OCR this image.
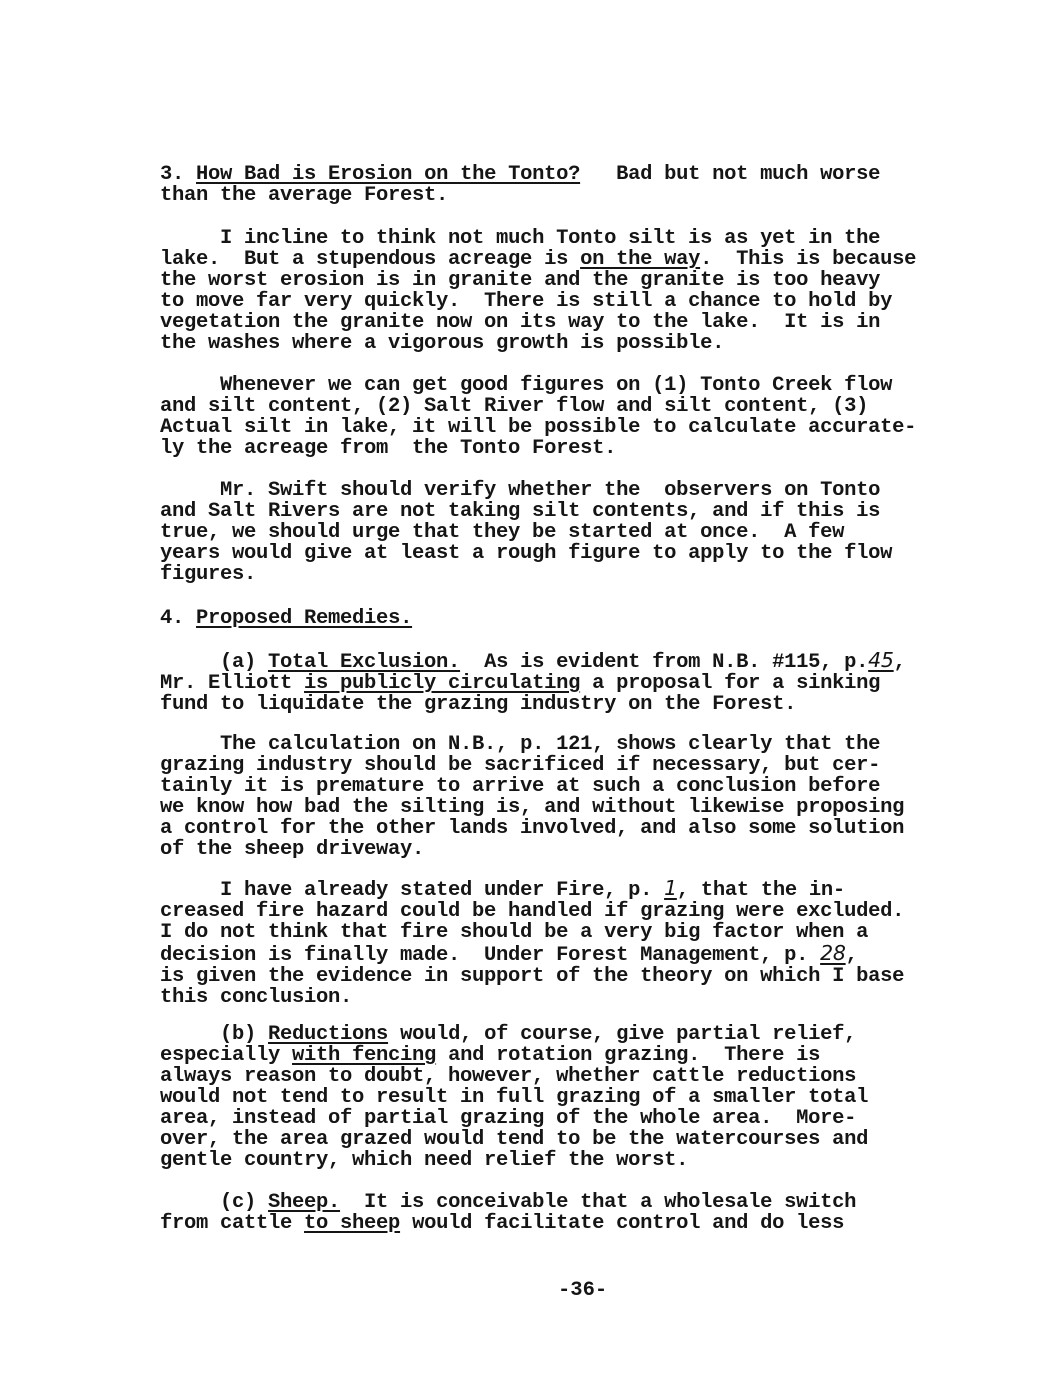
3. How Bad is Erosion on the Tonto? Bad but not much worse
than the average Forest.
I incline to think not much Tonto silt is as yet in the
lake.  But a stupendous acreage is on the way.  This is because
the worst erosion is in granite and the granite is too heavy
to move far very quickly.  There is still a chance to hold by
vegetation the granite now on its way to the lake.  It is in
the washes where a vigorous growth is possible.
Whenever we can get good figures on (1) Tonto Creek flow
and silt content, (2) Salt River flow and silt content, (3)
Actual silt in lake, it will be possible to calculate accurate-
ly the acreage from  the Tonto Forest.
Mr. Swift should verify whether the  observers on Tonto
and Salt Rivers are not taking silt contents, and if this is
true, we should urge that they be started at once.  A few
years would give at least a rough figure to apply to the flow
figures.
4. Proposed Remedies.
(a) Total Exclusion.  As is evident from N.B. #115, p.45,
Mr. Elliott is publicly circulating a proposal for a sinking
fund to liquidate the grazing industry on the Forest.
The calculation on N.B., p. 121, shows clearly that the
grazing industry should be sacrificed if necessary, but cer-
tainly it is premature to arrive at such a conclusion before
we know how bad the silting is, and without likewise proposing
a control for the other lands involved, and also some solution
of the sheep driveway.
I have already stated under Fire, p. 1, that the in-
creased fire hazard could be handled if grazing were excluded.
I do not think that fire should be a very big factor when a
decision is finally made.  Under Forest Management, p. 28,
is given the evidence in support of the theory on which I base
this conclusion.
(b) Reductions would, of course, give partial relief,
especially with fencing and rotation grazing.  There is
always reason to doubt, however, whether cattle reductions
would not tend to result in full grazing of a smaller total
area, instead of partial grazing of the whole area.  More-
over, the area grazed would tend to be the watercourses and
gentle country, which need relief the worst.
(c) Sheep.  It is conceivable that a wholesale switch
from cattle to sheep would facilitate control and do less
-36-
